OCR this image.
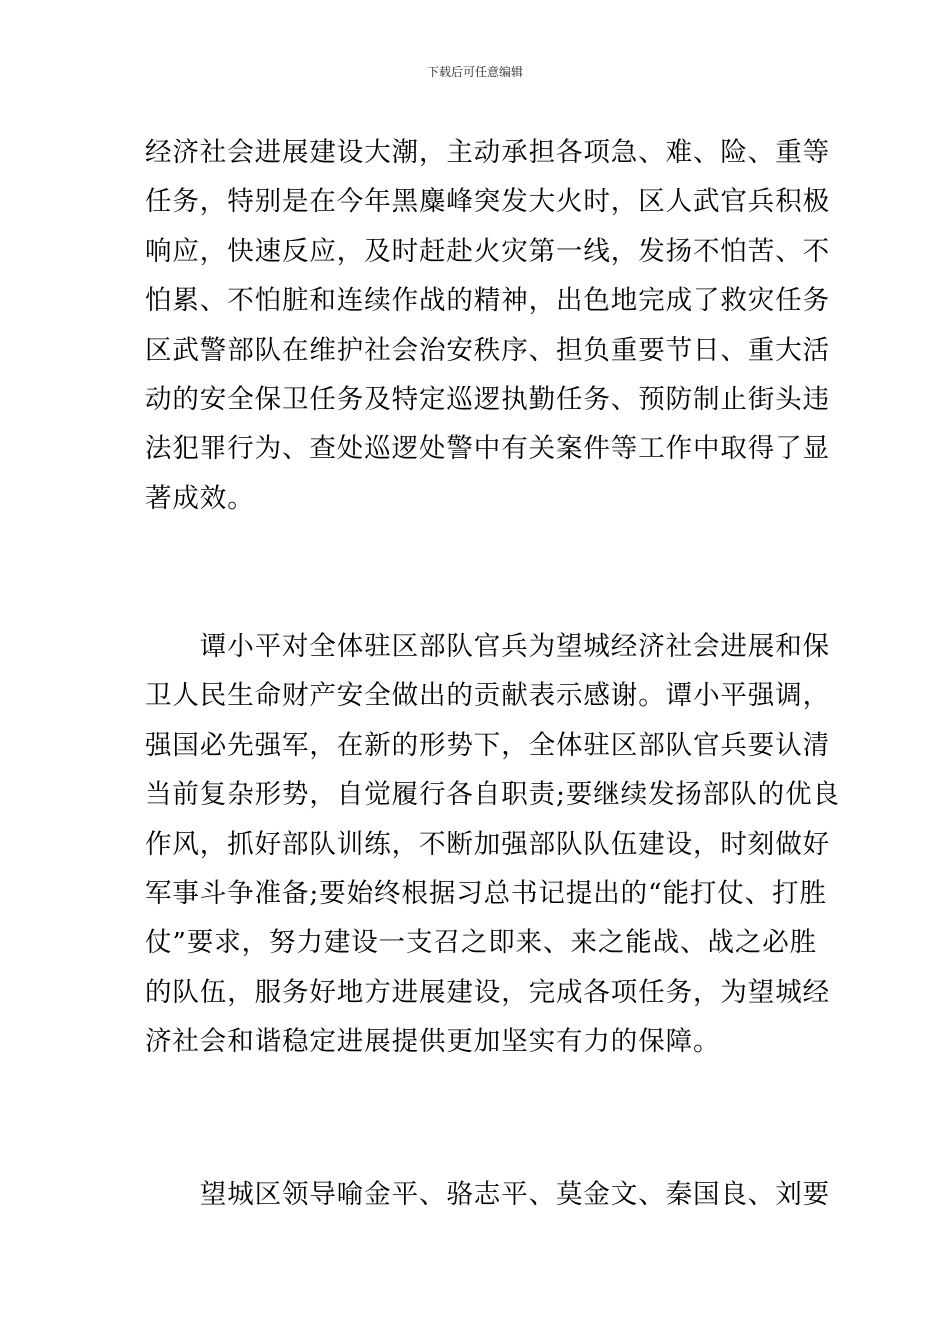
下载后可任意编辑
经济社会进展建设大潮，主动承担各项急、难、险、重等
任务，特别是在今年黑麋峰突发大火时，区人武官兵积极
响应，快速反应，及时赶赴火灾第一线，发扬不怕苦、不
怕累、不怕脏和连续作战的精神，出色地完成了救灾任务
区武警部队在维护社会治安秩序、担负重要节日、重大活
动的安全保卫任务及特定巡逻执勤任务、预防制止街头违
法犯罪行为、查处巡逻处警中有关案件等工作中取得了显
著成效。
　　谭小平对全体驻区部队官兵为望城经济社会进展和保
卫人民生命财产安全做出的贡献表示感谢。谭小平强调，
强国必先强军，在新的形势下，全体驻区部队官兵要认清
当前复杂形势，自觉履行各自职责;要继续发扬部队的优良
作风，抓好部队训练，不断加强部队队伍建设，时刻做好
军事斗争准备;要始终根据习总书记提出的“能打仗、打胜
仗”要求，努力建设一支召之即来、来之能战、战之必胜
的队伍，服务好地方进展建设，完成各项任务，为望城经
济社会和谐稳定进展提供更加坚实有力的保障。
　　望城区领导喻金平、骆志平、莫金文、秦国良、刘要
